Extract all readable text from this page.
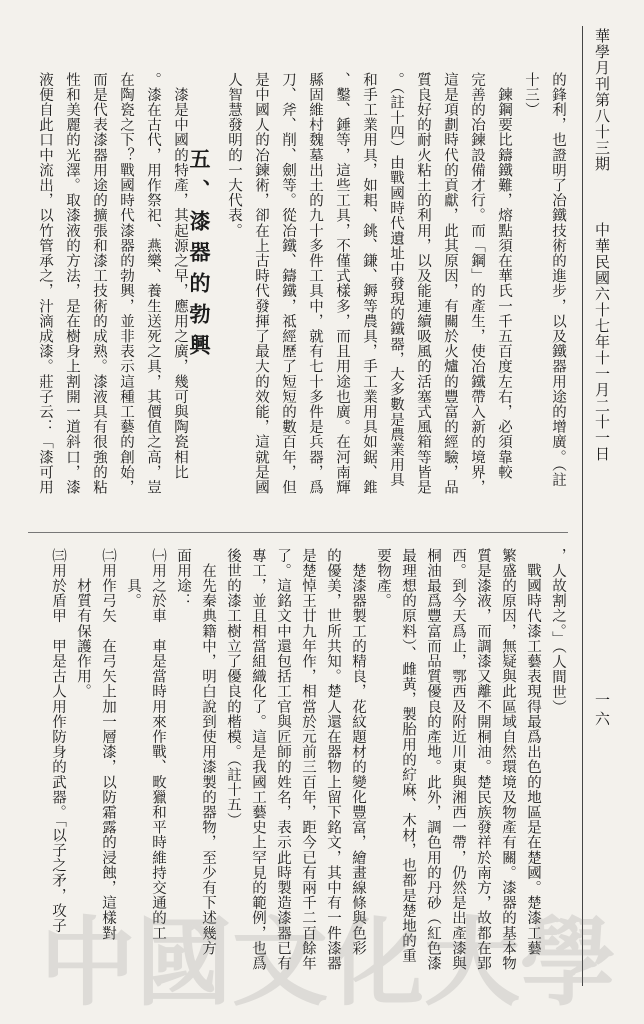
華學月刊第八十三期
中華民國六十七年十一月二十一日
一六
的鋒利，也證明了冶鐵技術的進步，以及鐵器用途的增廣。（註
十三）
　鍊鋼要比鑄鐵難，熔點須在華氏一千五百度左右，必須靠較
完善的冶鍊設備才行。而「鋼」的產生，使冶鐵帶入新的境界，
這是項劃時代的貢獻，此其原因，有關於火爐的豐富的經驗，品
質良好的耐火粘土的利用，以及能連續吸風的活塞式風箱等皆是
。（註十四）由戰國時代遺址中發現的鐵器，大多數是農業用具
和手工業用具，如耜、銚、鎌、鎒等農具，手工業用具如鋸、錐
、鑿、錘等，這些工具，不僅式樣多，而且用途也廣。在河南輝
縣固維村魏墓出土的九十多件工具中，就有七十多件是兵器，爲
刀、斧、削、劍等。從冶鐵、鑄鐵，祗經歷了短短的數百年，但
是中國人的冶鍊術，卻在上古時代發揮了最大的效能，這就是國
人智慧發明的一大代表。
五、漆器的勃興
　漆是中國的特產，其起源之早，應用之廣，幾可與陶瓷相比
。漆在古代，用作祭祀、燕樂、養生送死之具，其價值之高，豈
在陶瓷之下？戰國時代漆器的勃興，並非表示這種工藝的創始，
而是代表漆器用途的擴張和漆工技術的成熟。漆液具有很強的粘
性和美麗的光澤。取漆液的方法，是在樹身上割開一道斜口，漆
液便自此口中流出，以竹管承之，汁滴成漆。莊子云：「漆可用
，人故割之。」（人間世）
　戰國時代漆工藝表現得最爲出色的地區是在楚國。楚漆工藝
繁盛的原因，無疑與此區域自然環境及物產有關。漆器的基本物
質是漆液，而調漆又離不開桐油。楚民族發祥於南方，故都在郢
西。到今天爲止，鄂西及附近川東與湘西一帶，仍然是出產漆與
桐油最爲豐富而品質優良的產地。此外，調色用的丹砂（紅色漆
最理想的原料）、雌黃，製胎用的紵麻、木材，也都是楚地的重
要物產。
　楚漆器製工的精良，花紋題材的變化豐富，繪畫線條與色彩
的優美，世所共知。楚人還在器物上留下銘文，其中有一件漆器
是楚悼王廿九年作，相當於元前三百年，距今已有兩千二百餘年
了。這銘文中還包括工官與匠師的姓名，表示此時製造漆器已有
專工，並且相當組織化了。這是我國工藝史上罕見的範例，也爲
後世的漆工樹立了優良的楷模。（註十五）
　在先秦典籍中，明白說到使用漆製的器物，至少有下述幾方
面用途：
㈠用之於車　車是當時用來作戰、畋獵和平時維持交通的工
　　具。
㈡用作弓矢　在弓矢上加一層漆，以防霜露的浸蝕，這樣對
　　材質有保護作用。
㈢用於盾甲　甲是古人用作防身的武器。「以子之矛，攻子
中 國 文 化 大 學
